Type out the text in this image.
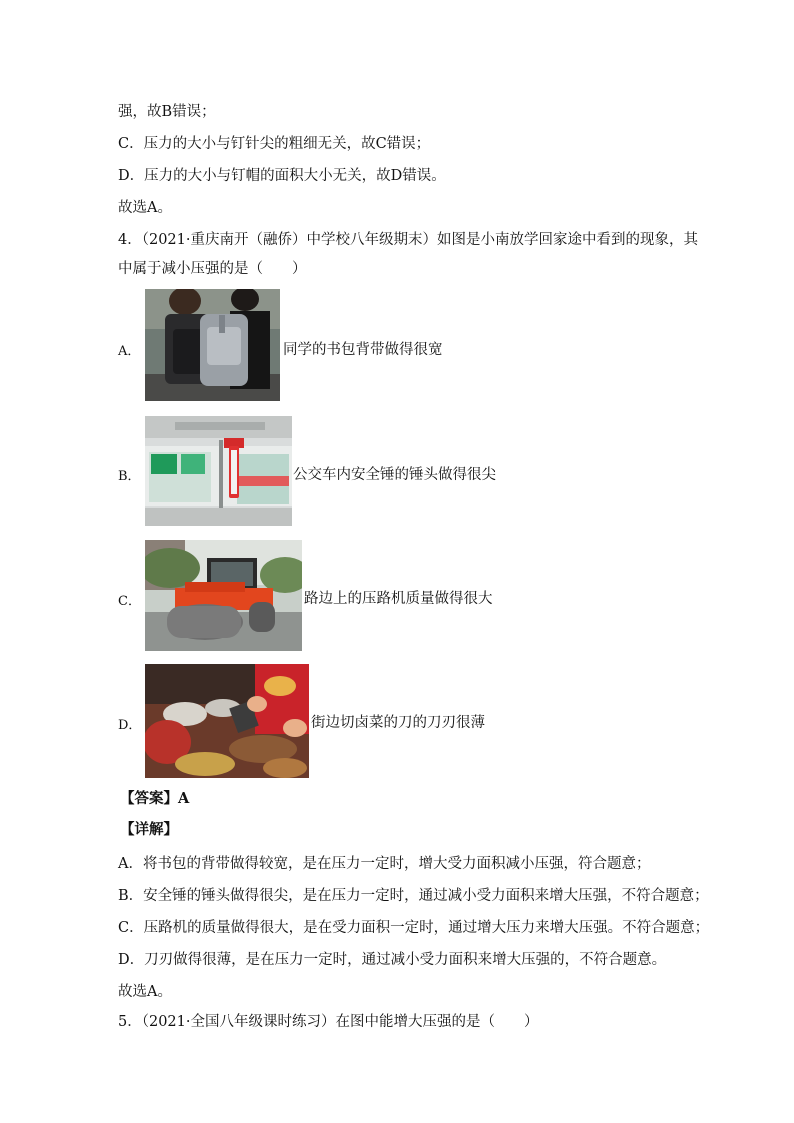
强，故B错误；
C．压力的大小与钉针尖的粗细无关，故C错误；
D．压力的大小与钉帽的面积大小无关，故D错误。
故选A。
4．（2021·重庆南开（融侨）中学校八年级期末）如图是小南放学回家途中看到的现象，其
中属于减小压强的是（　　）
A．	同学的书包背带做得很宽
B．	公交车内安全锤的锤头做得很尖
C．	路边上的压路机质量做得很大
D．	街边切卤菜的刀的刀刃很薄
【答案】A
【详解】
A．将书包的背带做得较宽，是在压力一定时，增大受力面积减小压强，符合题意；
B．安全锤的锤头做得很尖，是在压力一定时，通过减小受力面积来增大压强，不符合题意；
C．压路机的质量做得很大，是在受力面积一定时，通过增大压力来增大压强。不符合题意；
D．刀刃做得很薄，是在压力一定时，通过减小受力面积来增大压强的，不符合题意。
故选A。
5．（2021·全国八年级课时练习）在图中能增大压强的是（　　）
